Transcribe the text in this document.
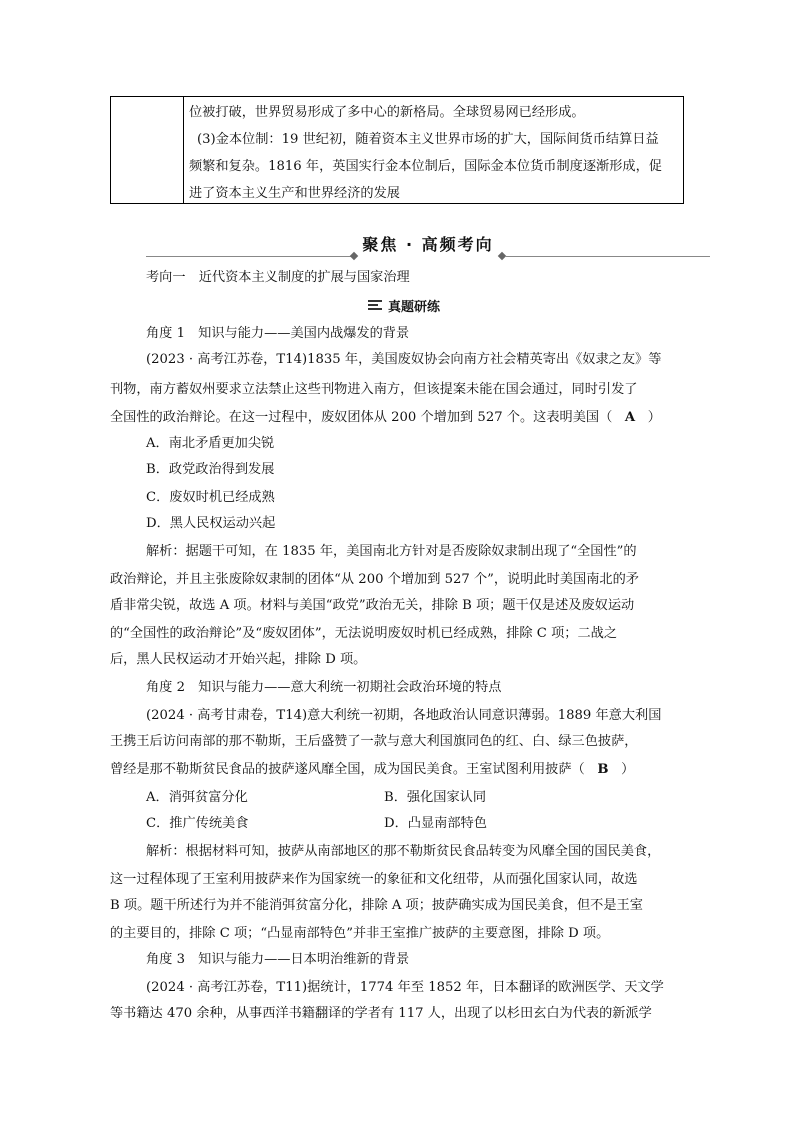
位被打破，世界贸易形成了多中心的新格局。全球贸易网已经形成。
(3)金本位制：19 世纪初，随着资本主义世界市场的扩大，国际间货币结算日益
频繁和复杂。1816 年，英国实行金本位制后，国际金本位货币制度逐渐形成，促
进了资本主义生产和世界经济的发展
聚焦 · 高频考向
考向一　近代资本主义制度的扩展与国家治理
真题研练
角度 1　知识与能力——美国内战爆发的背景
(2023 · 高考江苏卷，T14)1835 年，美国废奴协会向南方社会精英寄出《奴隶之友》等
刊物，南方蓄奴州要求立法禁止这些刊物进入南方，但该提案未能在国会通过，同时引发了
全国性的政治辩论。在这一过程中，废奴团体从 200 个增加到 527 个。这表明美国（ A ）
A．南北矛盾更加尖锐
B．政党政治得到发展
C．废奴时机已经成熟
D．黑人民权运动兴起
解析：据题干可知，在 1835 年，美国南北方针对是否废除奴隶制出现了“全国性”的
政治辩论，并且主张废除奴隶制的团体“从 200 个增加到 527 个”，说明此时美国南北的矛
盾非常尖锐，故选 A 项。材料与美国“政党”政治无关，排除 B 项；题干仅是述及废奴运动
的“全国性的政治辩论”及“废奴团体”，无法说明废奴时机已经成熟，排除 C 项；二战之
后，黑人民权运动才开始兴起，排除 D 项。
角度 2　知识与能力——意大利统一初期社会政治环境的特点
(2024 · 高考甘肃卷，T14)意大利统一初期，各地政治认同意识薄弱。1889 年意大利国
王携王后访问南部的那不勒斯，王后盛赞了一款与意大利国旗同色的红、白、绿三色披萨，
曾经是那不勒斯贫民食品的披萨遂风靡全国，成为国民美食。王室试图利用披萨（ B ）
A．消弭贫富分化	B．强化国家认同
C．推广传统美食	D．凸显南部特色
解析：根据材料可知，披萨从南部地区的那不勒斯贫民食品转变为风靡全国的国民美食，
这一过程体现了王室利用披萨来作为国家统一的象征和文化纽带，从而强化国家认同，故选
B 项。题干所述行为并不能消弭贫富分化，排除 A 项；披萨确实成为国民美食，但不是王室
的主要目的，排除 C 项；“凸显南部特色”并非王室推广披萨的主要意图，排除 D 项。
角度 3　知识与能力——日本明治维新的背景
(2024 · 高考江苏卷，T11)据统计，1774 年至 1852 年，日本翻译的欧洲医学、天文学
等书籍达 470 余种，从事西洋书籍翻译的学者有 117 人，出现了以杉田玄白为代表的新派学
